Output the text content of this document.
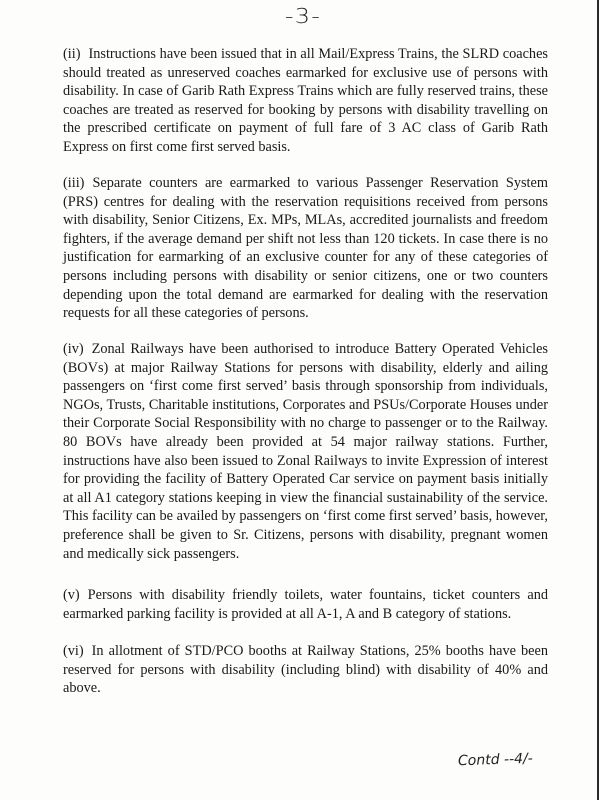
-3-

(ii) Instructions have been issued that in all Mail/Express Trains, the SLRD coaches should treated as unreserved coaches earmarked for exclusive use of persons with disability. In case of Garib Rath Express Trains which are fully reserved trains, these coaches are treated as reserved for booking by persons with disability travelling on the prescribed certificate on payment of full fare of 3 AC class of Garib Rath Express on first come first served basis.

(iii) Separate counters are earmarked to various Passenger Reservation System (PRS) centres for dealing with the reservation requisitions received from persons with disability, Senior Citizens, Ex. MPs, MLAs, accredited journalists and freedom fighters, if the average demand per shift not less than 120 tickets. In case there is no justification for earmarking of an exclusive counter for any of these categories of persons including persons with disability or senior citizens, one or two counters depending upon the total demand are earmarked for dealing with the reservation requests for all these categories of persons.

(iv) Zonal Railways have been authorised to introduce Battery Operated Vehicles (BOVs) at major Railway Stations for persons with disability, elderly and ailing passengers on ‘first come first served’ basis through sponsorship from individuals, NGOs, Trusts, Charitable institutions, Corporates and PSUs/Corporate Houses under their Corporate Social Responsibility with no charge to passenger or to the Railway. 80 BOVs have already been provided at 54 major railway stations. Further, instructions have also been issued to Zonal Railways to invite Expression of interest for providing the facility of Battery Operated Car service on payment basis initially at all A1 category stations keeping in view the financial sustainability of the service. This facility can be availed by passengers on ‘first come first served’ basis, however, preference shall be given to Sr. Citizens, persons with disability, pregnant women and medically sick passengers.

(v) Persons with disability friendly toilets, water fountains, ticket counters and earmarked parking facility is provided at all A-1, A and B category of stations.

(vi) In allotment of STD/PCO booths at Railway Stations, 25% booths have been reserved for persons with disability (including blind) with disability of 40% and above.

Contd --4/-
